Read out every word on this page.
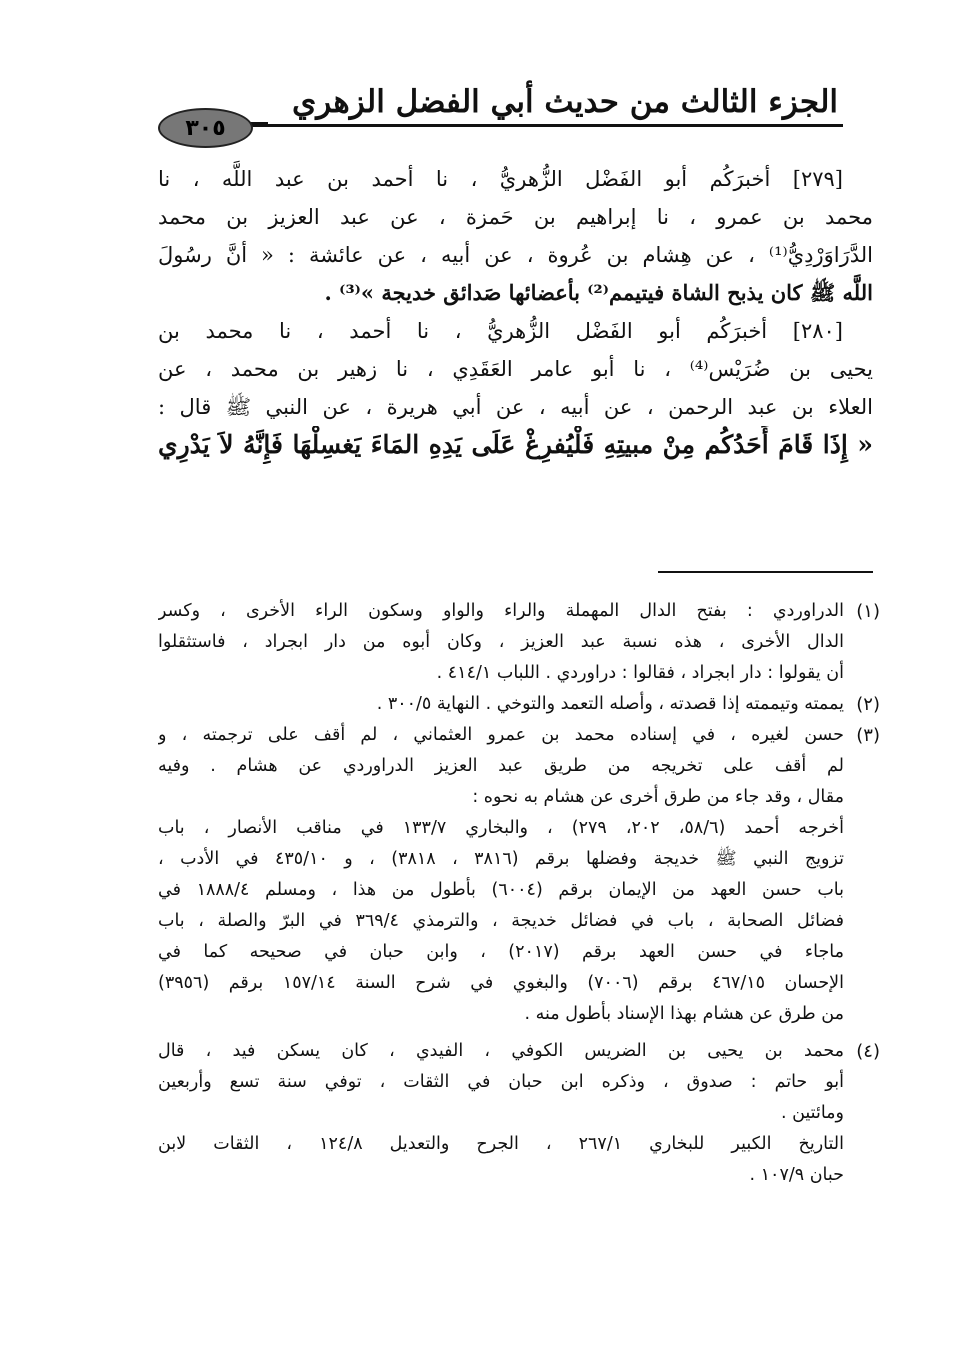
الجزء الثالث من حديث أبي الفضل الزهري
٣٠٥
[٢٧٩] أخبرَكُم أبو الفَضْل الزُّهريُّ ، نا أحمد بن عبد اللَّه ، نا
محمد بن عمرو ، نا إبراهيم بن حَمزة ، عن عبد العزيز بن محمد
الدَّرَاوَرْدِيُّ⁽¹⁾ ، عن هِشام بن عُروة ، عن أبيه ، عن عائشة : « أنَّ رسُولَ
اللَّه ﷺ كان يذبح الشاة فيتيمم⁽²⁾ بأعضائها صَدائق خديجة »⁽³⁾ .
[٢٨٠] أخبرَكُم أبو الفَضْل الزُّهريُّ ، نا أحمد ، نا محمد بن
يحيى بن ضُرَيْس⁽⁴⁾ ، نا أبو عامر العَقَدِي ، نا زهير بن محمد ، عن
العلاء بن عبد الرحمن ، عن أبيه ، عن أبي هريرة ، عن النبي ﷺ قال :
« إِذَا قَامَ أَحَدُكُم مِنْ مبيتِهِ فَلْيُفرِغْ عَلَى يَدِهِ المَاءَ يَغسِلْهَا فَإِنَّهُ لاَ يَدْرِي
(١)
الدراوردي : بفتح الدال المهملة والراء والواو وسكون الراء الأخرى ، وكسر
الدال الأخرى ، هذه نسبة عبد العزيز ، وكان أبوه من دار ابجراد ، فاستثقلوا
أن يقولوا : دار ابجراد ، فقالوا : دراوردي . اللباب ٤١٤/١ .
(٢)
يممته وتيممته إذا قصدته ، وأصله التعمد والتوخي . النهاية ٣٠٠/٥ .
(٣)
حسن لغيره ، في إسناده محمد بن عمرو العثماني ، لم أقف على ترجمته ، و
لم أقف على تخريجه من طريق عبد العزيز الدراوردي عن هشام . وفيه
مقال ، وقد جاء من طرق أخرى عن هشام به نحوه :
أخرجه أحمد (٥٨/٦، ٢٠٢، ٢٧٩) ، والبخاري ١٣٣/٧ في مناقب الأنصار ، باب
تزويج النبي ﷺ خديجة وفضلها برقم (٣٨١٦ ، ٣٨١٨) ، و ٤٣٥/١٠ في الأدب ،
باب حسن العهد من الإيمان برقم (٦٠٠٤) بأطول من هذا ، ومسلم ١٨٨٨/٤ في
فضائل الصحابة ، باب في فضائل خديجة ، والترمذي ٣٦٩/٤ في البرّ والصلة ، باب
ماجاء في حسن العهد برقم (٢٠١٧) ، وابن حبان في صحيحه كما في
الإحسان ٤٦٧/١٥ برقم (٧٠٠٦) والبغوي في شرح السنة ١٥٧/١٤ برقم (٣٩٥٦)
من طرق عن هشام بهذا الإسناد بأطول منه .
(٤)
محمد بن يحيى بن الضريس الكوفي ، الفيدي ، كان يسكن فيد ، قال
أبو حاتم : صدوق ، وذكره ابن حبان في الثقات ، توفي سنة تسع وأربعين
ومائتين .
التاريخ الكبير للبخاري ٢٦٧/١ ، الجرح والتعديل ١٢٤/٨ ، الثقات لابن
حبان ١٠٧/٩ .
